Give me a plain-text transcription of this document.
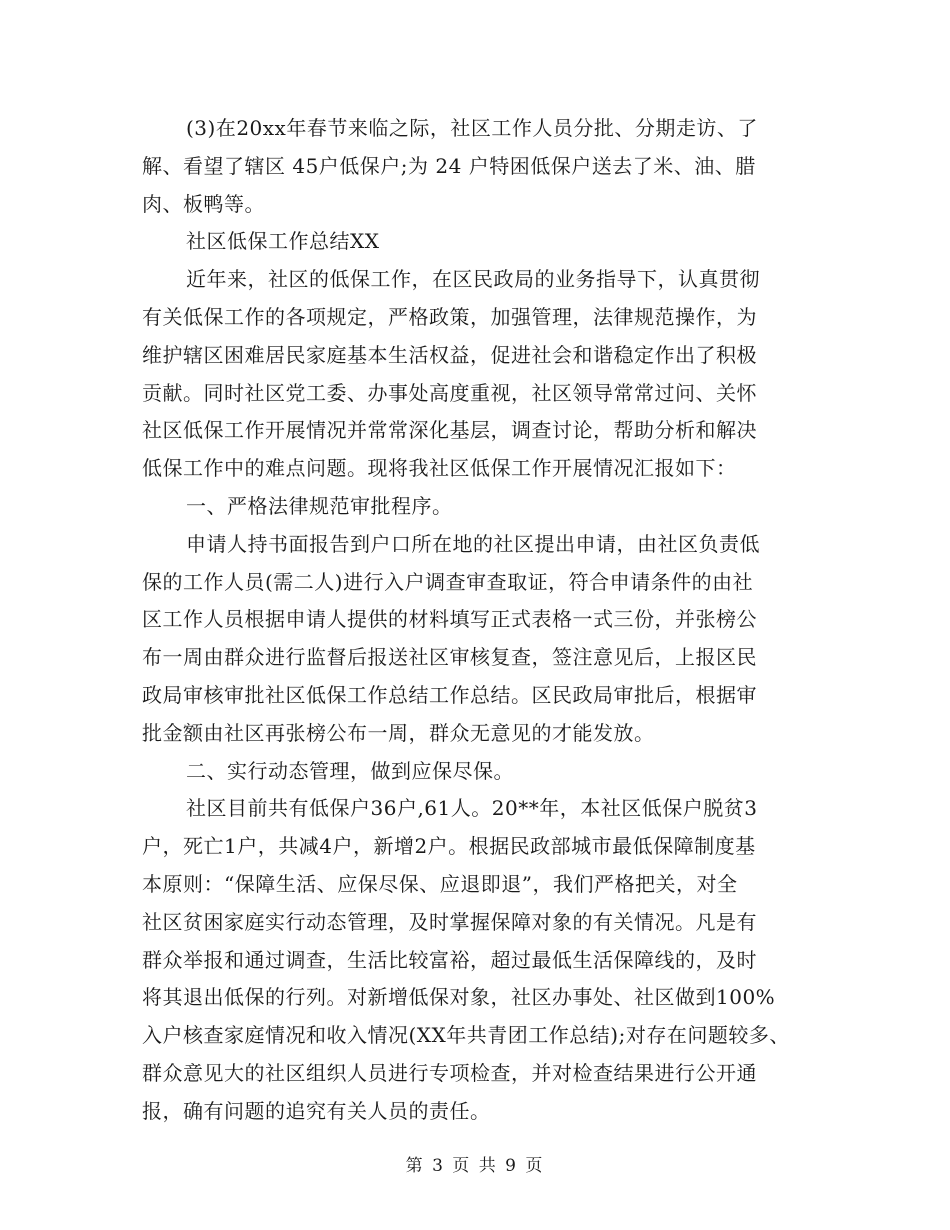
(3)在20xx年春节来临之际，社区工作人员分批、分期走访、了
解、看望了辖区 45户低保户;为 24 户特困低保户送去了米、油、腊
肉、板鸭等。
社区低保工作总结XX
近年来，社区的低保工作，在区民政局的业务指导下，认真贯彻
有关低保工作的各项规定，严格政策，加强管理，法律规范操作，为
维护辖区困难居民家庭基本生活权益，促进社会和谐稳定作出了积极
贡献。同时社区党工委、办事处高度重视，社区领导常常过问、关怀
社区低保工作开展情况并常常深化基层，调查讨论，帮助分析和解决
低保工作中的难点问题。现将我社区低保工作开展情况汇报如下：
一、严格法律规范审批程序。
申请人持书面报告到户口所在地的社区提出申请，由社区负责低
保的工作人员(需二人)进行入户调查审查取证，符合申请条件的由社
区工作人员根据申请人提供的材料填写正式表格一式三份，并张榜公
布一周由群众进行监督后报送社区审核复查，签注意见后，上报区民
政局审核审批社区低保工作总结工作总结。区民政局审批后，根据审
批金额由社区再张榜公布一周，群众无意见的才能发放。
二、实行动态管理，做到应保尽保。
社区目前共有低保户36户,61人。20**年，本社区低保户脱贫3
户，死亡1户，共减4户，新增2户。根据民政部城市最低保障制度基
本原则：“保障生活、应保尽保、应退即退”，我们严格把关，对全
社区贫困家庭实行动态管理，及时掌握保障对象的有关情况。凡是有
群众举报和通过调查，生活比较富裕，超过最低生活保障线的，及时
将其退出低保的行列。对新增低保对象，社区办事处、社区做到100%
入户核查家庭情况和收入情况(XX年共青团工作总结);对存在问题较多、
群众意见大的社区组织人员进行专项检查，并对检查结果进行公开通
报，确有问题的追究有关人员的责任。
第 3 页 共 9 页
